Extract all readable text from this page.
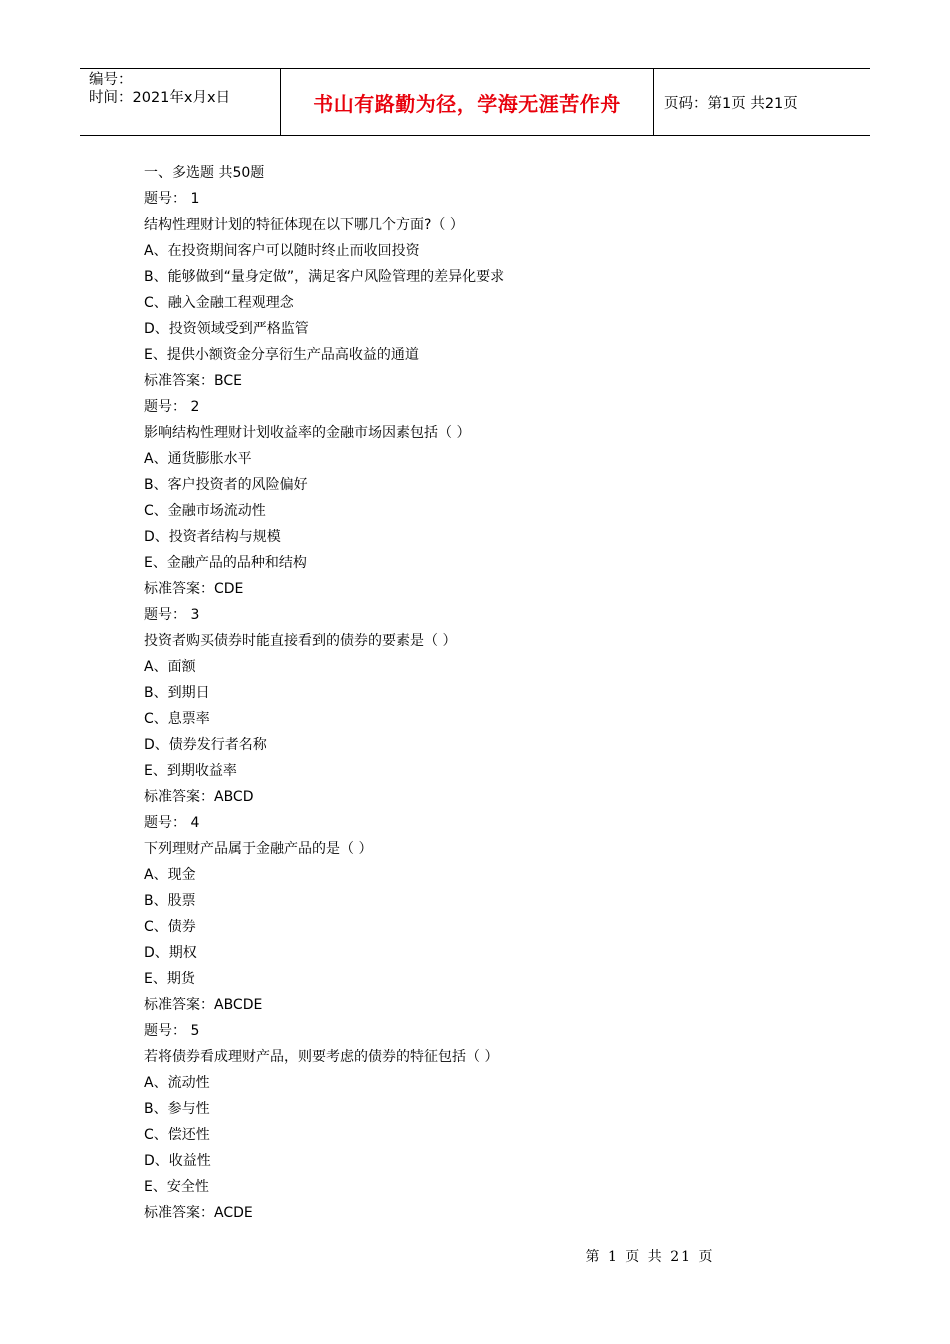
编号：
时间：2021年x月x日	书山有路勤为径，学海无涯苦作舟	页码：第1页 共21页
一、多选题 共50题
题号： 1
结构性理财计划的特征体现在以下哪几个方面?（ ）
A、在投资期间客户可以随时终止而收回投资
B、能够做到“量身定做”，满足客户风险管理的差异化要求
C、融入金融工程观理念
D、投资领域受到严格监管
E、提供小额资金分享衍生产品高收益的通道
标准答案：BCE
题号： 2
影响结构性理财计划收益率的金融市场因素包括（ ）
A、通货膨胀水平
B、客户投资者的风险偏好
C、金融市场流动性
D、投资者结构与规模
E、金融产品的品种和结构
标准答案：CDE
题号： 3
投资者购买债券时能直接看到的债券的要素是（ ）
A、面额
B、到期日
C、息票率
D、债券发行者名称
E、到期收益率
标准答案：ABCD
题号： 4
下列理财产品属于金融产品的是（ ）
A、现金
B、股票
C、债券
D、期权
E、期货
标准答案：ABCDE
题号： 5
若将债券看成理财产品，则要考虑的债券的特征包括（ ）
A、流动性
B、参与性
C、偿还性
D、收益性
E、安全性
标准答案：ACDE
第 1 页 共 21 页
